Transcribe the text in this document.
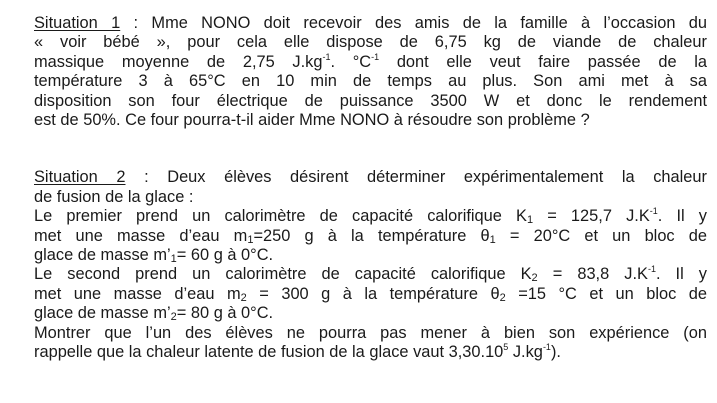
Situation 1 : Mme NONO doit recevoir des amis de la famille à l’occasion du
« voir bébé », pour cela elle dispose de 6,75 kg de viande de chaleur
massique moyenne de 2,75 $J.kg^{-1}$. $^\circ C^{-1}$ dont elle veut faire passée de la
température 3 à 65°C en 10 min de temps au plus. Son ami met à sa
disposition son four électrique de puissance 3500 W et donc le rendement
est de 50%. Ce four pourra-t-il aider Mme NONO à résoudre son problème ?

Situation 2 : Deux élèves désirent déterminer expérimentalement la chaleur
de fusion de la glace :
Le premier prend un calorimètre de capacité calorifique $K_1 = 125,7$ $J.K^{-1}$. Il y
met une masse d’eau $m_1=250$ g à la température $\theta_1 = 20^\circ C$ et un bloc de
glace de masse $m’_1= 60$ g à 0°C.
Le second prend un calorimètre de capacité calorifique $K_2 = 83,8$ $J.K^{-1}$. Il y
met une masse d’eau $m_2 = 300$ g à la température $\theta_2 =15$ °C et un bloc de
glace de masse $m’_2= 80$ g à 0°C.
Montrer que l’un des élèves ne pourra pas mener à bien son expérience (on
rappelle que la chaleur latente de fusion de la glace vaut 3,30.10$^5$ $J.kg^{-1}$).
